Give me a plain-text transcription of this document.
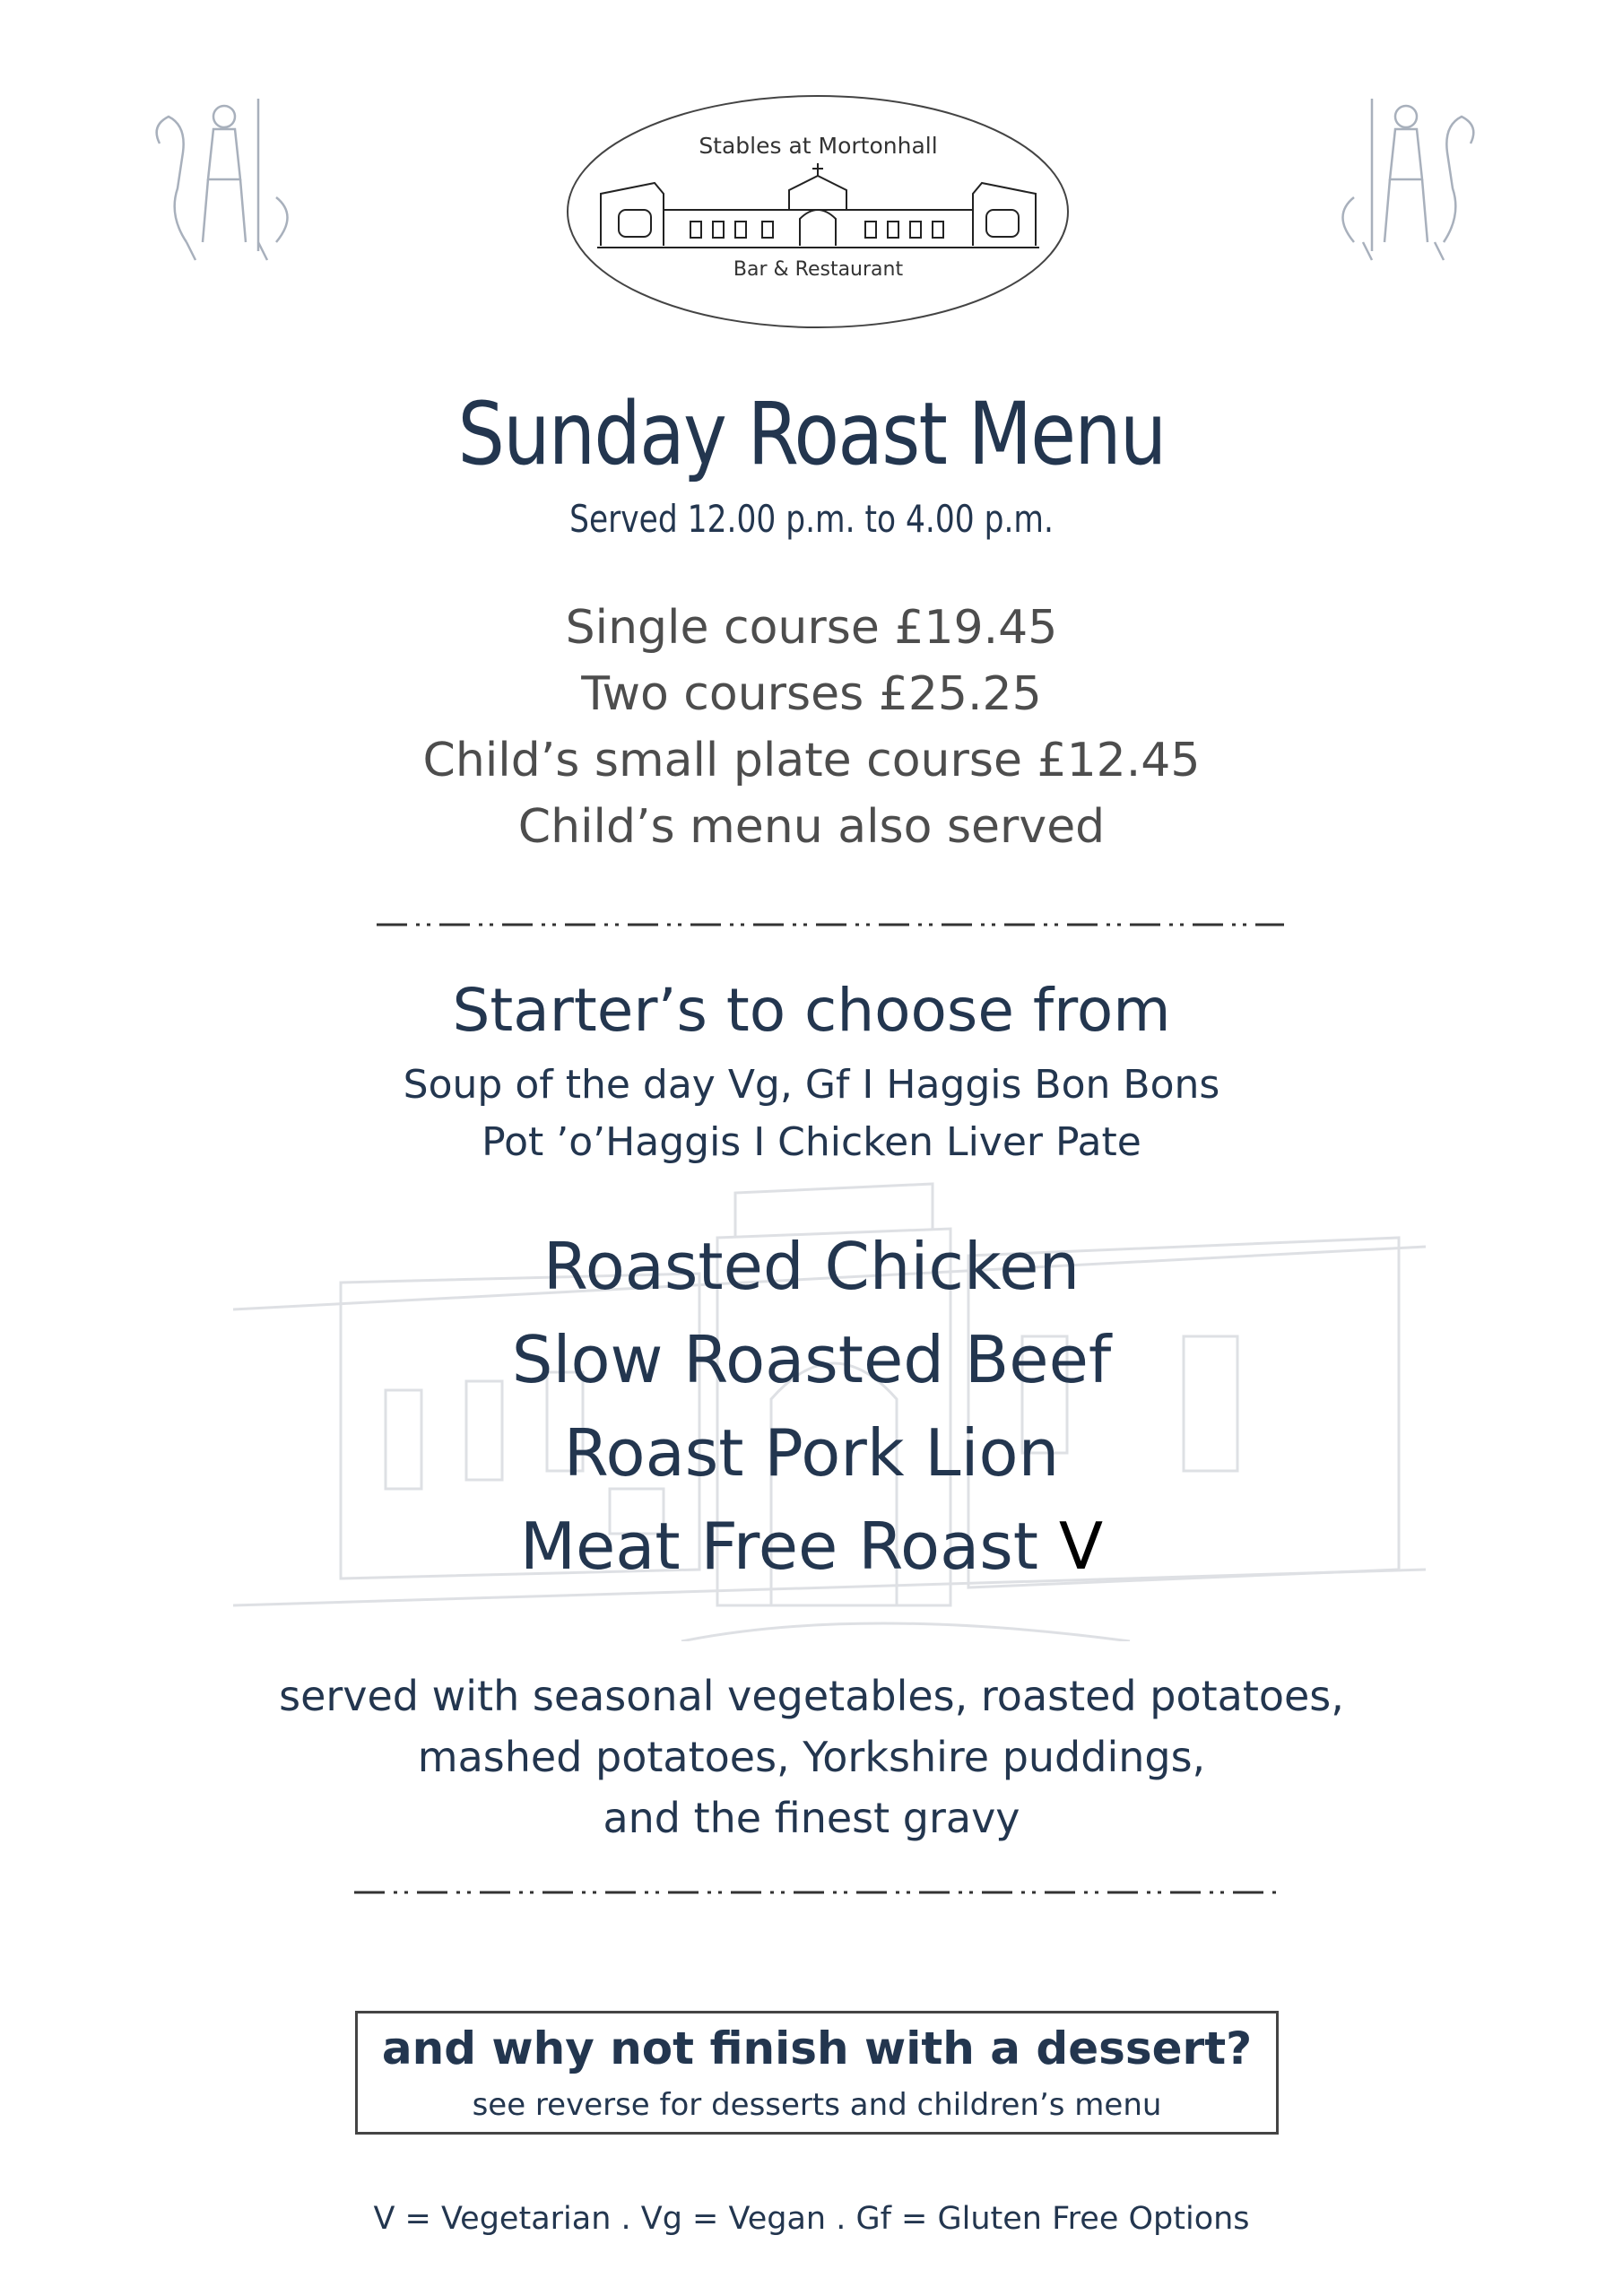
Stables at Mortonhall
Bar & Restaurant
Sunday Roast Menu
Served 12.00 p.m. to 4.00 p.m.
Single course £19.45
Two courses £25.25
Child’s small plate course £12.45
Child’s menu also served
Starter’s to choose from
Soup of the day Vg, Gf I Haggis Bon Bons
Pot ’o’Haggis I Chicken Liver Pate
Roasted Chicken
Slow Roasted Beef
Roast Pork Lion
Meat Free Roast V
served with seasonal vegetables, roasted potatoes,
mashed potatoes, Yorkshire puddings,
and the finest gravy
and why not finish with a dessert?
see reverse for desserts and children’s menu
V = Vegetarian . Vg = Vegan . Gf = Gluten Free Options
